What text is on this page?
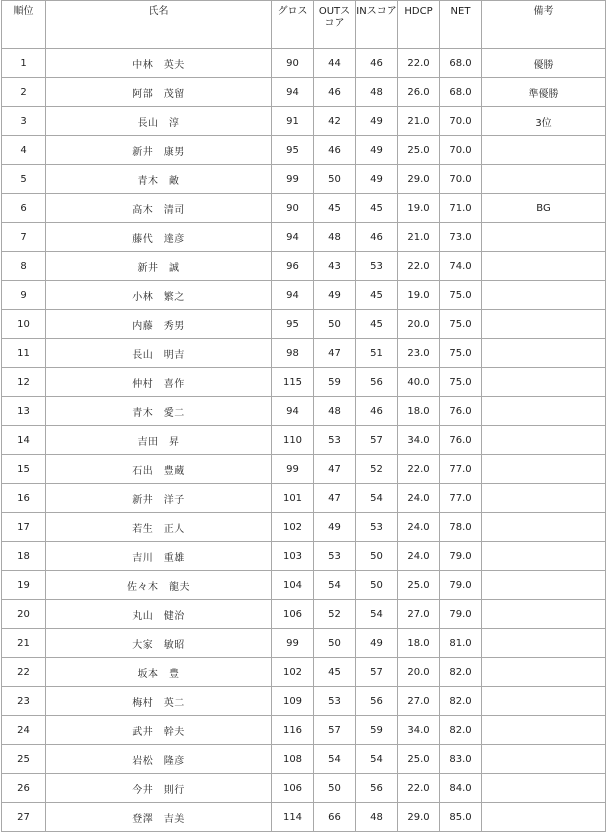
順位	氏名	グロス	OUTスコア	INスコア	HDCP	NET	備考
1	中林　英夫	90	44	46	22.0	68.0	優勝
2	阿部　茂留	94	46	48	26.0	68.0	準優勝
3	長山　淳	91	42	49	21.0	70.0	3位
4	新井　康男	95	46	49	25.0	70.0	
5	青木　敵	99	50	49	29.0	70.0	
6	高木　清司	90	45	45	19.0	71.0	BG
7	藤代　達彦	94	48	46	21.0	73.0	
8	新井　誠	96	43	53	22.0	74.0	
9	小林　繁之	94	49	45	19.0	75.0	
10	内藤　秀男	95	50	45	20.0	75.0	
11	長山　明吉	98	47	51	23.0	75.0	
12	仲村　喜作	115	59	56	40.0	75.0	
13	青木　愛二	94	48	46	18.0	76.0	
14	吉田　昇	110	53	57	34.0	76.0	
15	石出　豊蔵	99	47	52	22.0	77.0	
16	新井　洋子	101	47	54	24.0	77.0	
17	若生　正人	102	49	53	24.0	78.0	
18	吉川　重雄	103	53	50	24.0	79.0	
19	佐々木　龍夫	104	54	50	25.0	79.0	
20	丸山　健治	106	52	54	27.0	79.0	
21	大家　敏昭	99	50	49	18.0	81.0	
22	坂本　豊	102	45	57	20.0	82.0	
23	梅村　英二	109	53	56	27.0	82.0	
24	武井　幹夫	116	57	59	34.0	82.0	
25	岩松　隆彦	108	54	54	25.0	83.0	
26	今井　則行	106	50	56	22.0	84.0	
27	登澤　吉美	114	66	48	29.0	85.0	
